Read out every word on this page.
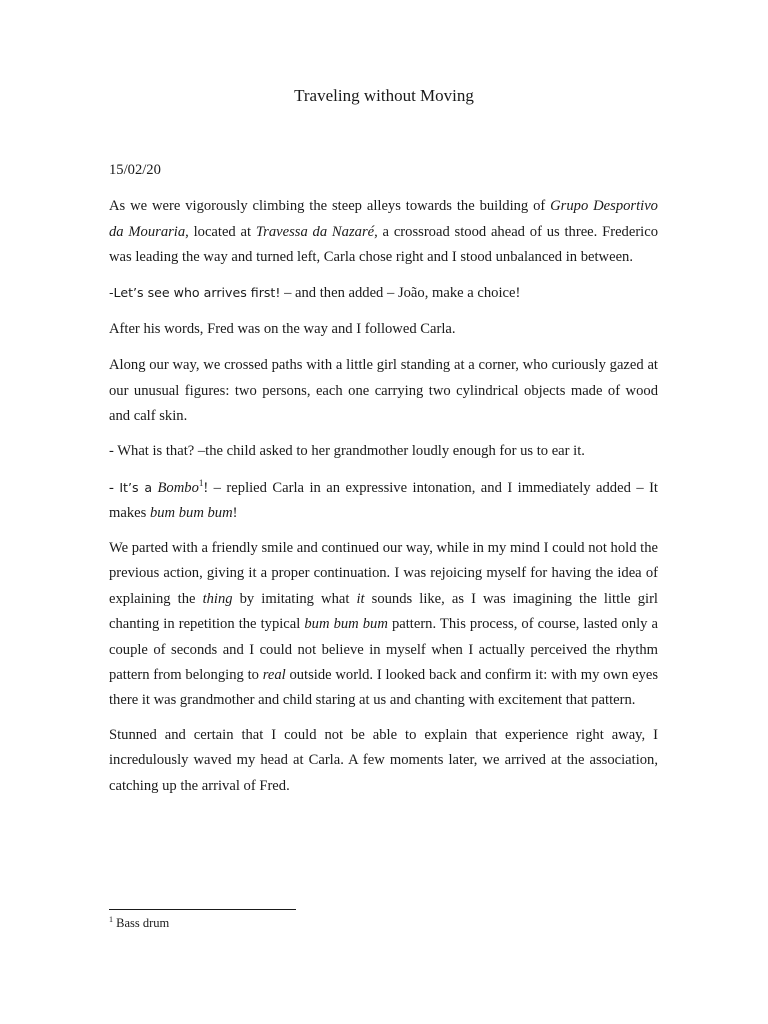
Traveling without Moving

15/02/20

As we were vigorously climbing the steep alleys towards the building of Grupo Desportivo da Mouraria, located at Travessa da Nazaré, a crossroad stood ahead of us three. Frederico was leading the way and turned left, Carla chose right and I stood unbalanced in between.

-Let’s see who arrives first! – and then added – João, make a choice!

After his words, Fred was on the way and I followed Carla.

Along our way, we crossed paths with a little girl standing at a corner, who curiously gazed at our unusual figures: two persons, each one carrying two cylindrical objects made of wood and calf skin.

- What is that? –the child asked to her grandmother loudly enough for us to ear it.

- It’s a Bombo$^1$! – replied Carla in an expressive intonation, and I immediately added – It makes bum bum bum!

We parted with a friendly smile and continued our way, while in my mind I could not hold the previous action, giving it a proper continuation. I was rejoicing myself for having the idea of explaining the thing by imitating what it sounds like, as I was imagining the little girl chanting in repetition the typical bum bum bum pattern. This process, of course, lasted only a couple of seconds and I could not believe in myself when I actually perceived the rhythm pattern from belonging to real outside world. I looked back and confirm it: with my own eyes there it was grandmother and child staring at us and chanting with excitement that pattern.

Stunned and certain that I could not be able to explain that experience right away, I incredulously waved my head at Carla. A few moments later, we arrived at the association, catching up the arrival of Fred.

$^1$ Bass drum
